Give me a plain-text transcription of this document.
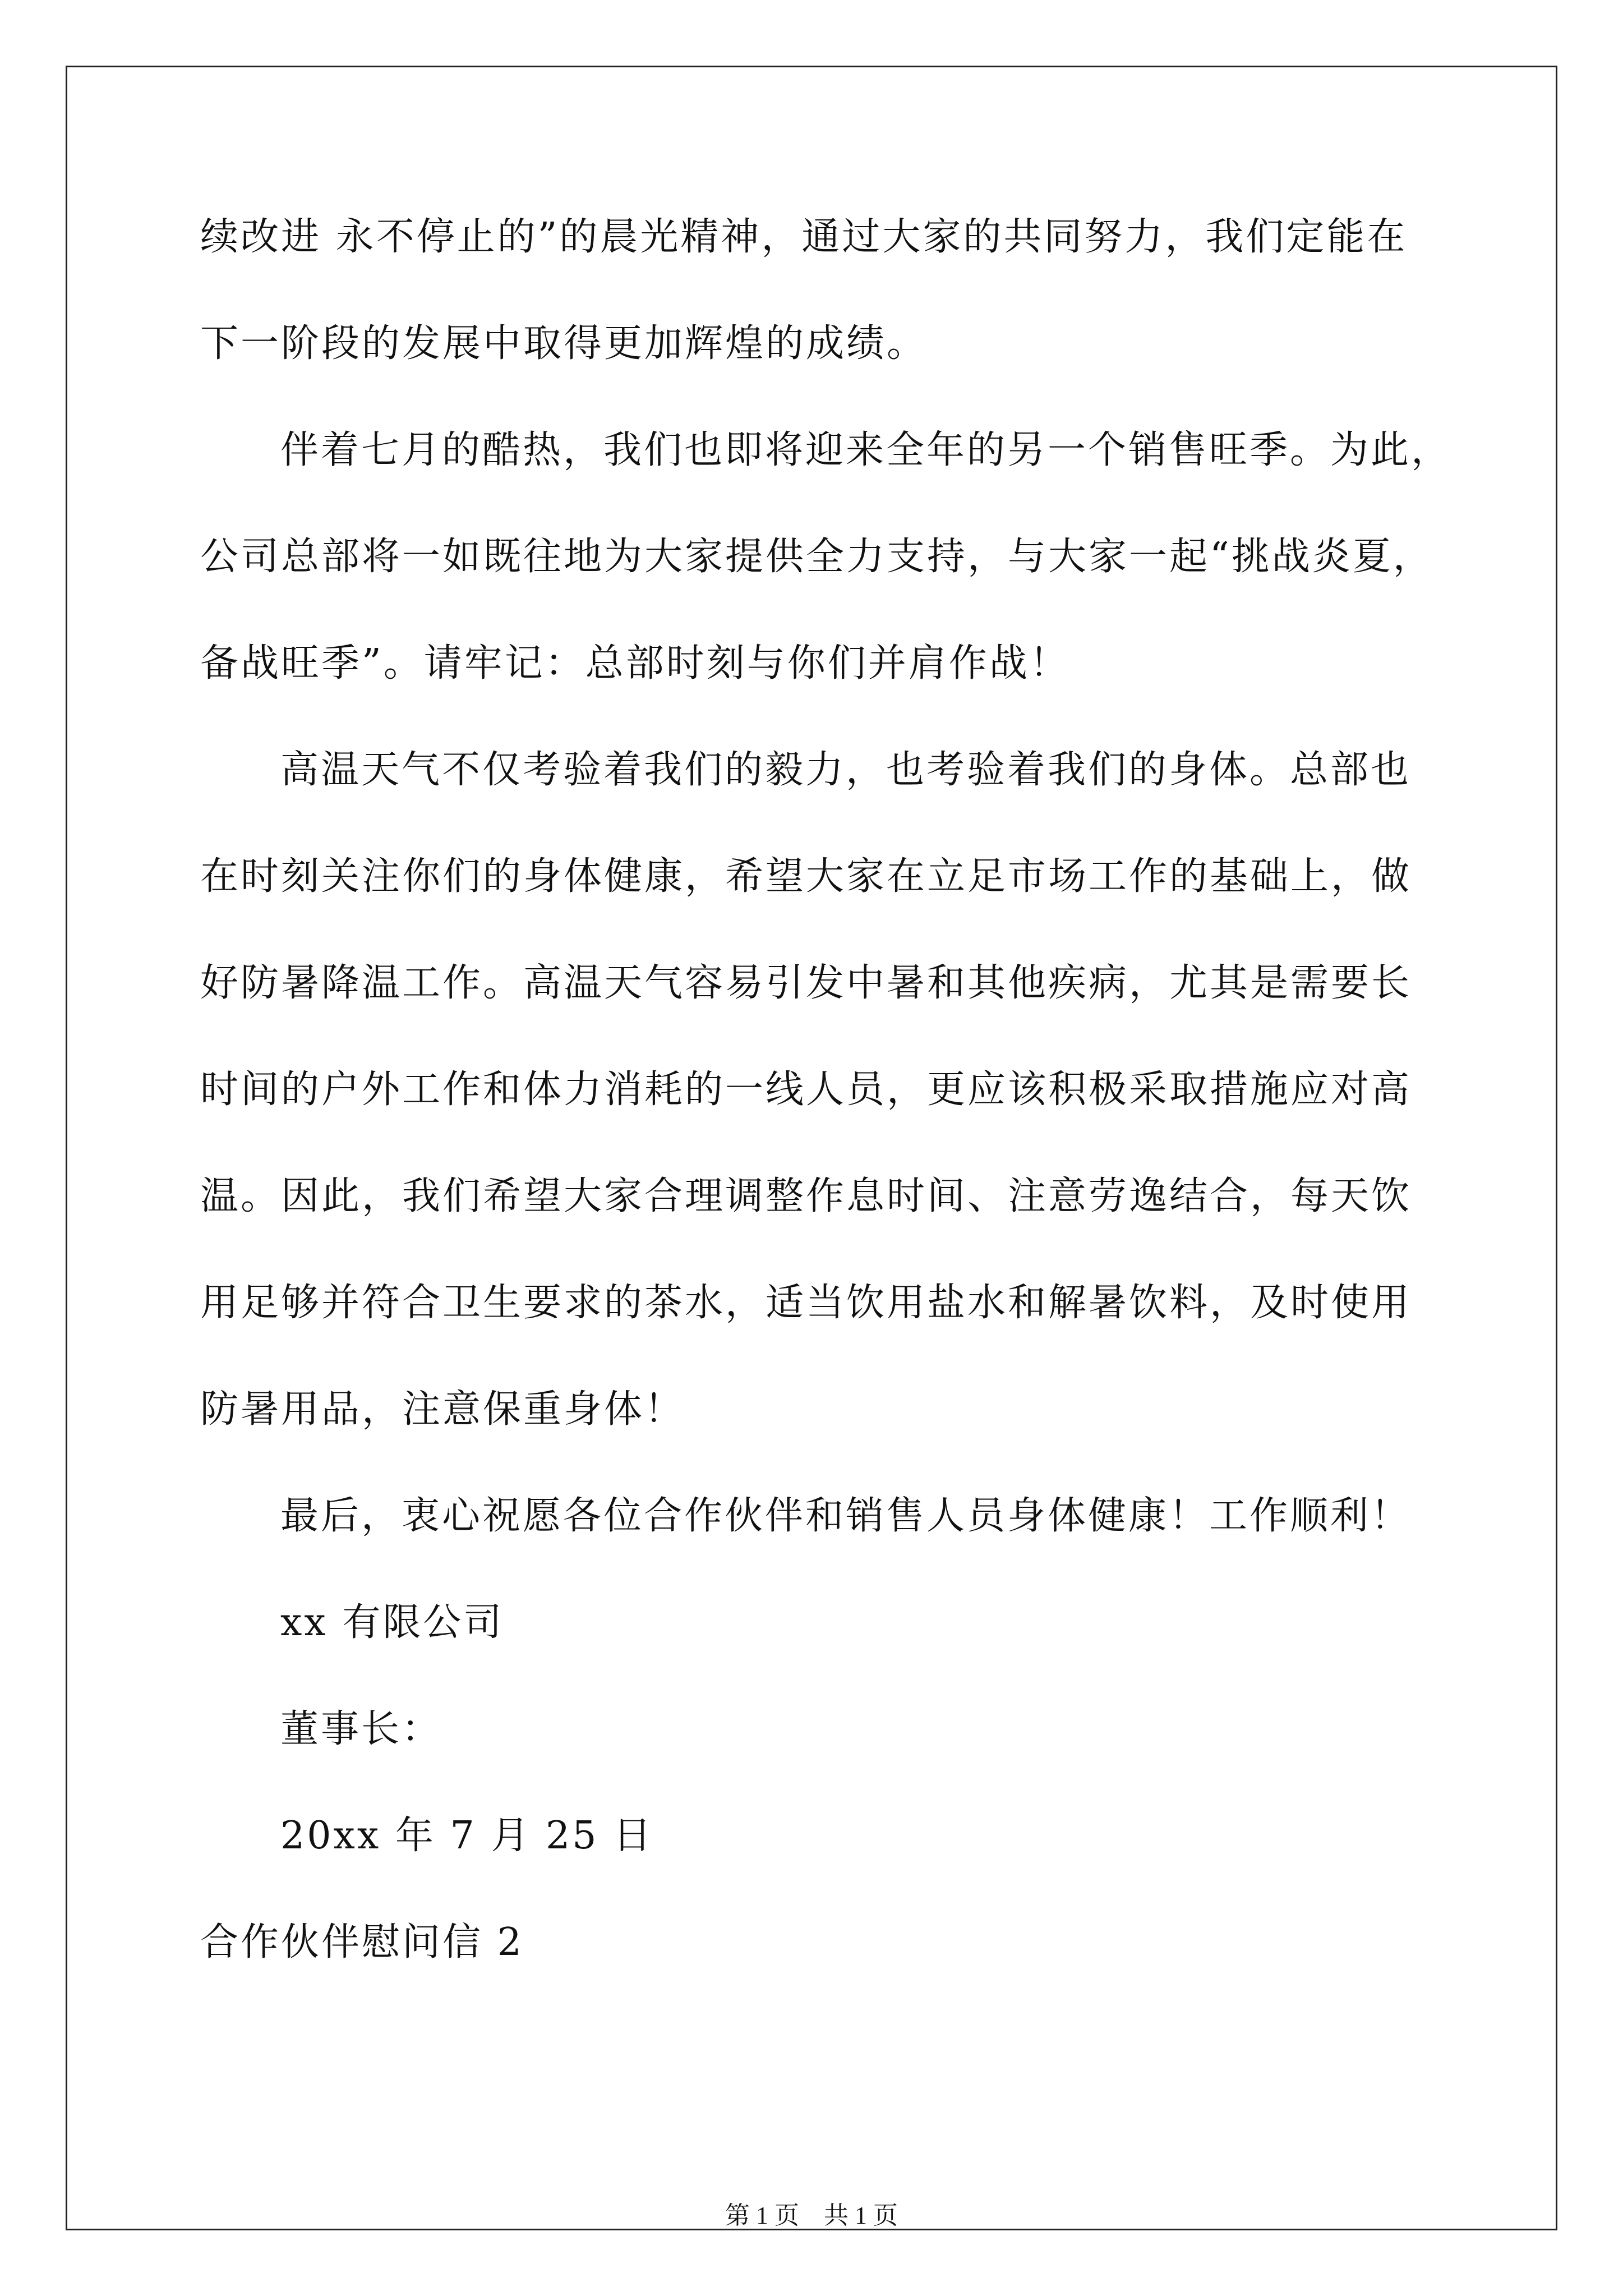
续改进 永不停止的”的晨光精神，通过大家的共同努力，我们定能在
下一阶段的发展中取得更加辉煌的成绩。
伴着七月的酷热，我们也即将迎来全年的另一个销售旺季。为此，
公司总部将一如既往地为大家提供全力支持，与大家一起“挑战炎夏，
备战旺季”。请牢记：总部时刻与你们并肩作战！
高温天气不仅考验着我们的毅力，也考验着我们的身体。总部也
在时刻关注你们的身体健康，希望大家在立足市场工作的基础上，做
好防暑降温工作。高温天气容易引发中暑和其他疾病，尤其是需要长
时间的户外工作和体力消耗的一线人员，更应该积极采取措施应对高
温。因此，我们希望大家合理调整作息时间、注意劳逸结合，每天饮
用足够并符合卫生要求的茶水，适当饮用盐水和解暑饮料，及时使用
防暑用品，注意保重身体！
最后，衷心祝愿各位合作伙伴和销售人员身体健康！工作顺利！
xx 有限公司
董事长：
20xx 年 7 月 25 日
合作伙伴慰问信 2
第 1 页　共 1 页
